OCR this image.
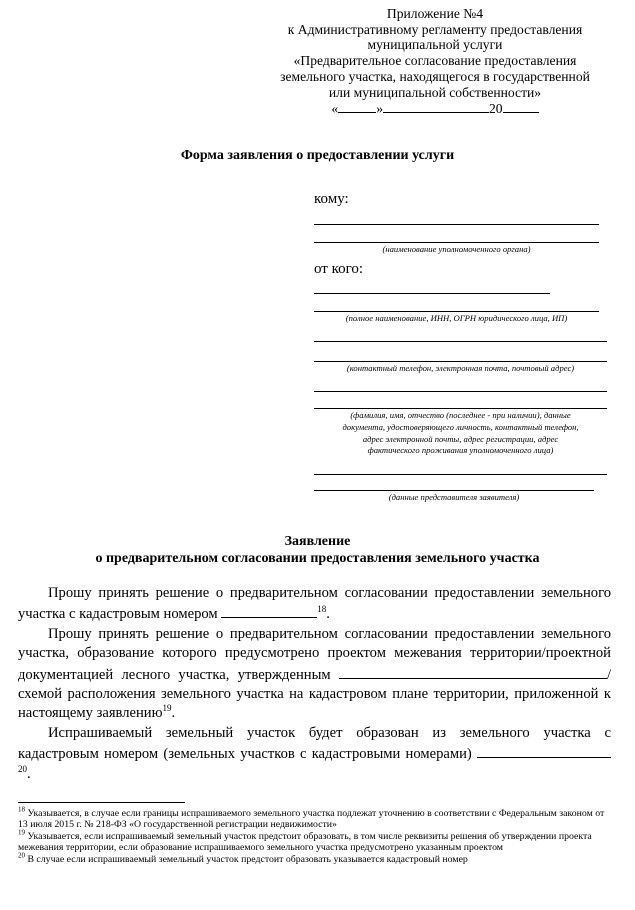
Приложение №4
к Административному регламенту предоставления
муниципальной услуги
«Предварительное согласование предоставления
земельного участка, находящегося в государственной
или муниципальной собственности»
«	»	20
Форма заявления о предоставлении услуги
кому:
(наименование уполномоченного органа)
от кого:
(полное наименование, ИНН, ОГРН юридического лица, ИП)
(контактный телефон, электронная почта, почтовый адрес)
(фамилия, имя, отчество (последнее - при наличии), данные
документа, удостоверяющего личность, контактный телефон,
адрес электронной почты, адрес регистрации, адрес
фактического проживания уполномоченного лица)
(данные представителя заявителя)
Заявление
о предварительном согласовании предоставления земельного участка

Прошу принять решение о предварительном согласовании предоставлении земельного участка с кадастровым номером	$^{18}$.

Прошу принять решение о предварительном согласовании предоставлении земельного участка, образование которого предусмотрено проектом межевания территории/проектной документацией лесного участка, утвержденным	/схемой расположения земельного участка на кадастровом плане территории, приложенной к настоящему заявлению$^{19}$.

Испрашиваемый земельный участок будет образован из земельного участка с кадастровым номером (земельных участков с кадастровыми номерами) $^{20}$.

$^{18}$ Указывается, в случае если границы испрашиваемого земельного участка подлежат уточнению в соответствии с Федеральным законом от 13 июля 2015 г. № 218-ФЗ «О государственной регистрации недвижимости»
$^{19}$ Указывается, если испрашиваемый земельный участок предстоит образовать, в том числе реквизиты решения об утверждении проекта межевания территории, если образование испрашиваемого земельного участка предусмотрено указанным проектом
$^{20}$ В случае если испрашиваемый земельный участок предстоит образовать указывается кадастровый номер
